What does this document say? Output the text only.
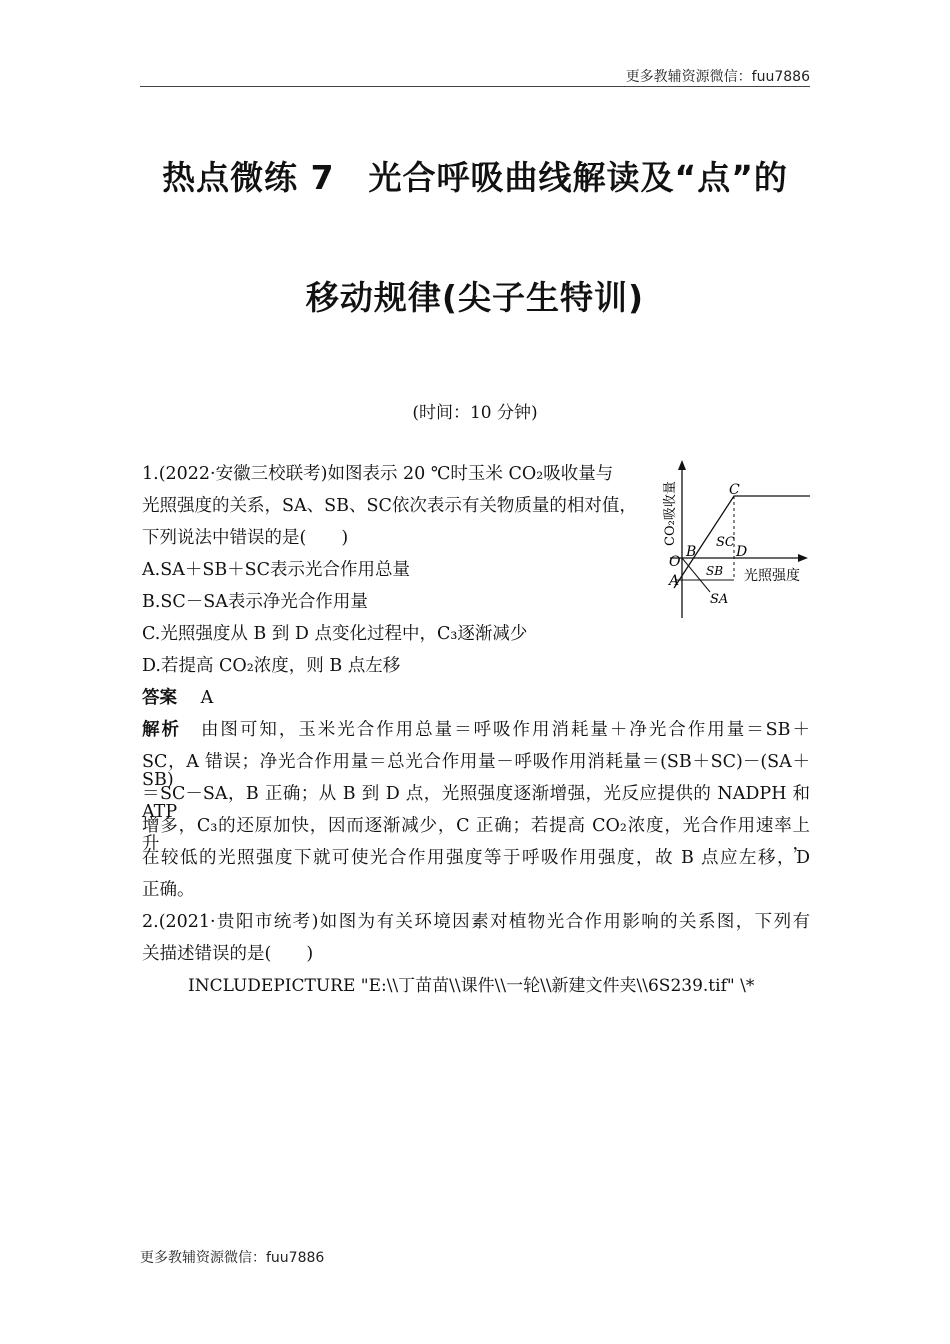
更多教辅资源微信：fuu7886
热点微练 7　光合呼吸曲线解读及“点”的
移动规律(尖子生特训)
(时间：10 分钟)
1.(2022·安徽三校联考)如图表示 20 ℃时玉米 CO₂吸收量与
光照强度的关系，SA、SB、SC依次表示有关物质量的相对值，
下列说法中错误的是(　　)
A.SA＋SB＋SC表示光合作用总量
B.SC－SA表示净光合作用量
C.光照强度从 B 到 D 点变化过程中，C₃逐渐减少
D.若提高 CO₂浓度，则 B 点左移
答案 A
解析 由图可知，玉米光合作用总量＝呼吸作用消耗量＋净光合作用量＝SB＋
SC，A 错误；净光合作用量＝总光合作用量－呼吸作用消耗量＝(SB＋SC)－(SA＋SB)
＝SC－SA，B 正确；从 B 到 D 点，光照强度逐渐增强，光反应提供的 NADPH 和 ATP
增多，C₃的还原加快，因而逐渐减少，C 正确；若提高 CO₂浓度，光合作用速率上升，
在较低的光照强度下就可使光合作用强度等于呼吸作用强度，故 B 点应左移，D
正确。
2.(2021·贵阳市统考)如图为有关环境因素对植物光合作用影响的关系图，下列有
关描述错误的是(　　)
INCLUDEPICTURE "E:\\丁苗苗\\课件\\一轮\\新建文件夹\\6S239.tif" \*
C
D
B
O
A
SC
SB
SA
光照强度
CO₂吸收量
更多教辅资源微信：fuu7886
